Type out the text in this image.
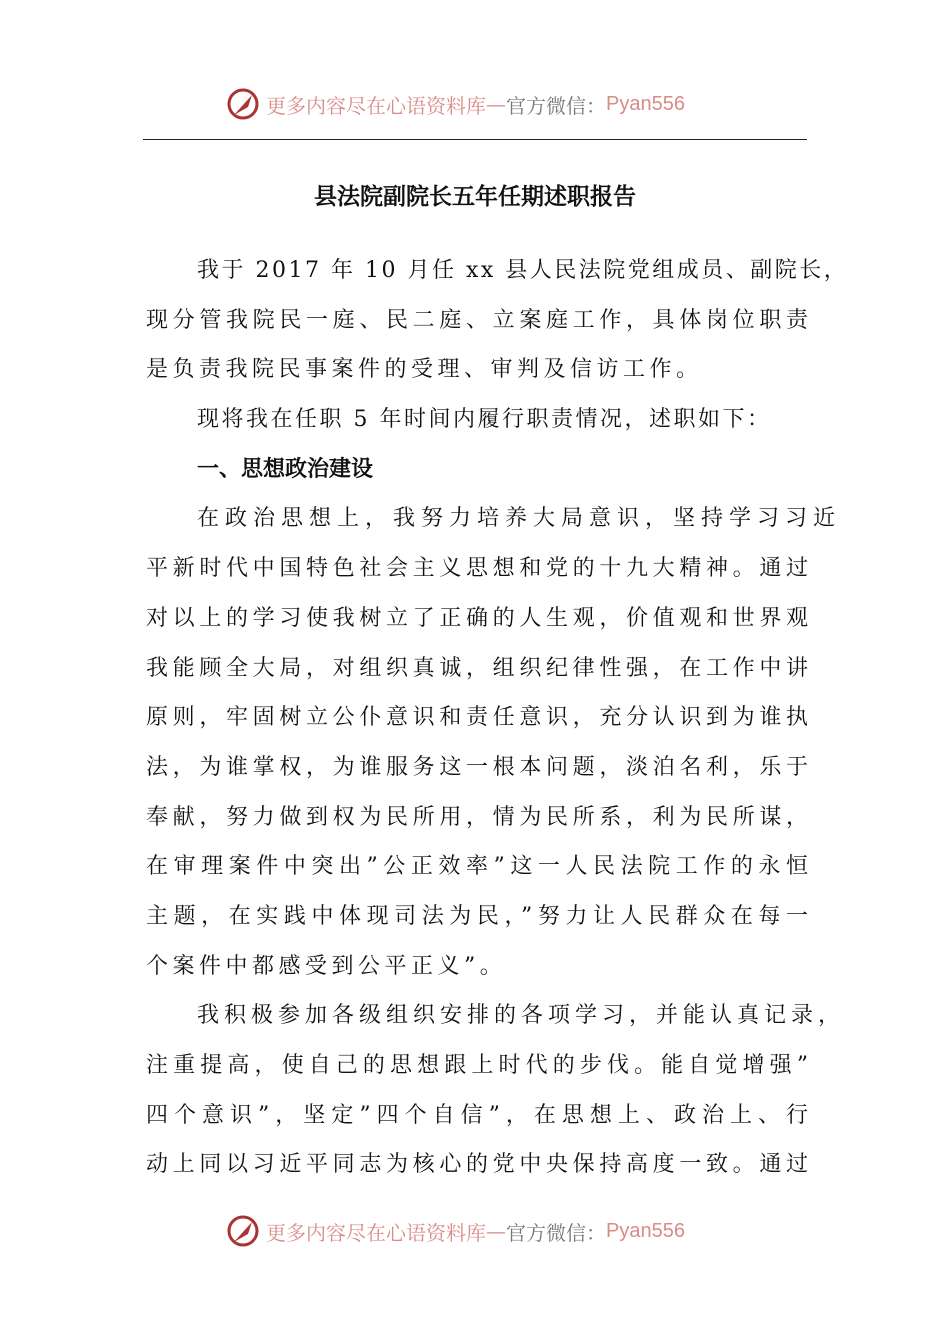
更多内容尽在心语资料库 — 官方微信： Pyan556
县法院副院长五年任期述职报告
我于 2017 年 10 月任 xx 县人民法院党组成员、副院长，
现分管我院民一庭、民二庭、立案庭工作，具体岗位职责
是负责我院民事案件的受理、审判及信访工作。
现将我在任职 5 年时间内履行职责情况，述职如下：
一、思想政治建设
在政治思想上，我努力培养大局意识，坚持学习习近
平新时代中国特色社会主义思想和党的十九大精神。通过
对以上的学习使我树立了正确的人生观，价值观和世界观
我能顾全大局，对组织真诚，组织纪律性强，在工作中讲
原则，牢固树立公仆意识和责任意识，充分认识到为谁执
法，为谁掌权，为谁服务这一根本问题，淡泊名利，乐于
奉献，努力做到权为民所用，情为民所系，利为民所谋，
在审理案件中突出”公正效率”这一人民法院工作的永恒
主题，在实践中体现司法为民，”努力让人民群众在每一
个案件中都感受到公平正义”。
我积极参加各级组织安排的各项学习，并能认真记录，
注重提高，使自己的思想跟上时代的步伐。能自觉增强”
四个意识”，坚定”四个自信”，在思想上、政治上、行
动上同以习近平同志为核心的党中央保持高度一致。通过
更多内容尽在心语资料库 — 官方微信： Pyan556
